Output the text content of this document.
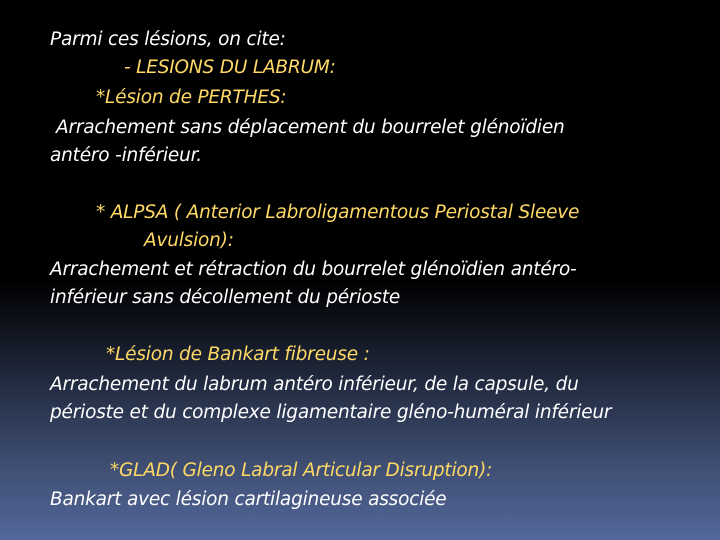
Parmi ces lésions, on cite:
- LESIONS DU LABRUM:
*Lésion de PERTHES:
Arrachement sans déplacement du bourrelet glénoïdien
antéro -inférieur.
* ALPSA ( Anterior Labroligamentous Periostal Sleeve
Avulsion):
Arrachement et rétraction du bourrelet glénoïdien antéro-
inférieur sans décollement du périoste
*Lésion de Bankart fibreuse :
Arrachement du labrum antéro inférieur, de la capsule, du
périoste et du complexe ligamentaire gléno-huméral inférieur
*GLAD( Gleno Labral Articular Disruption):
Bankart avec lésion cartilagineuse associée
